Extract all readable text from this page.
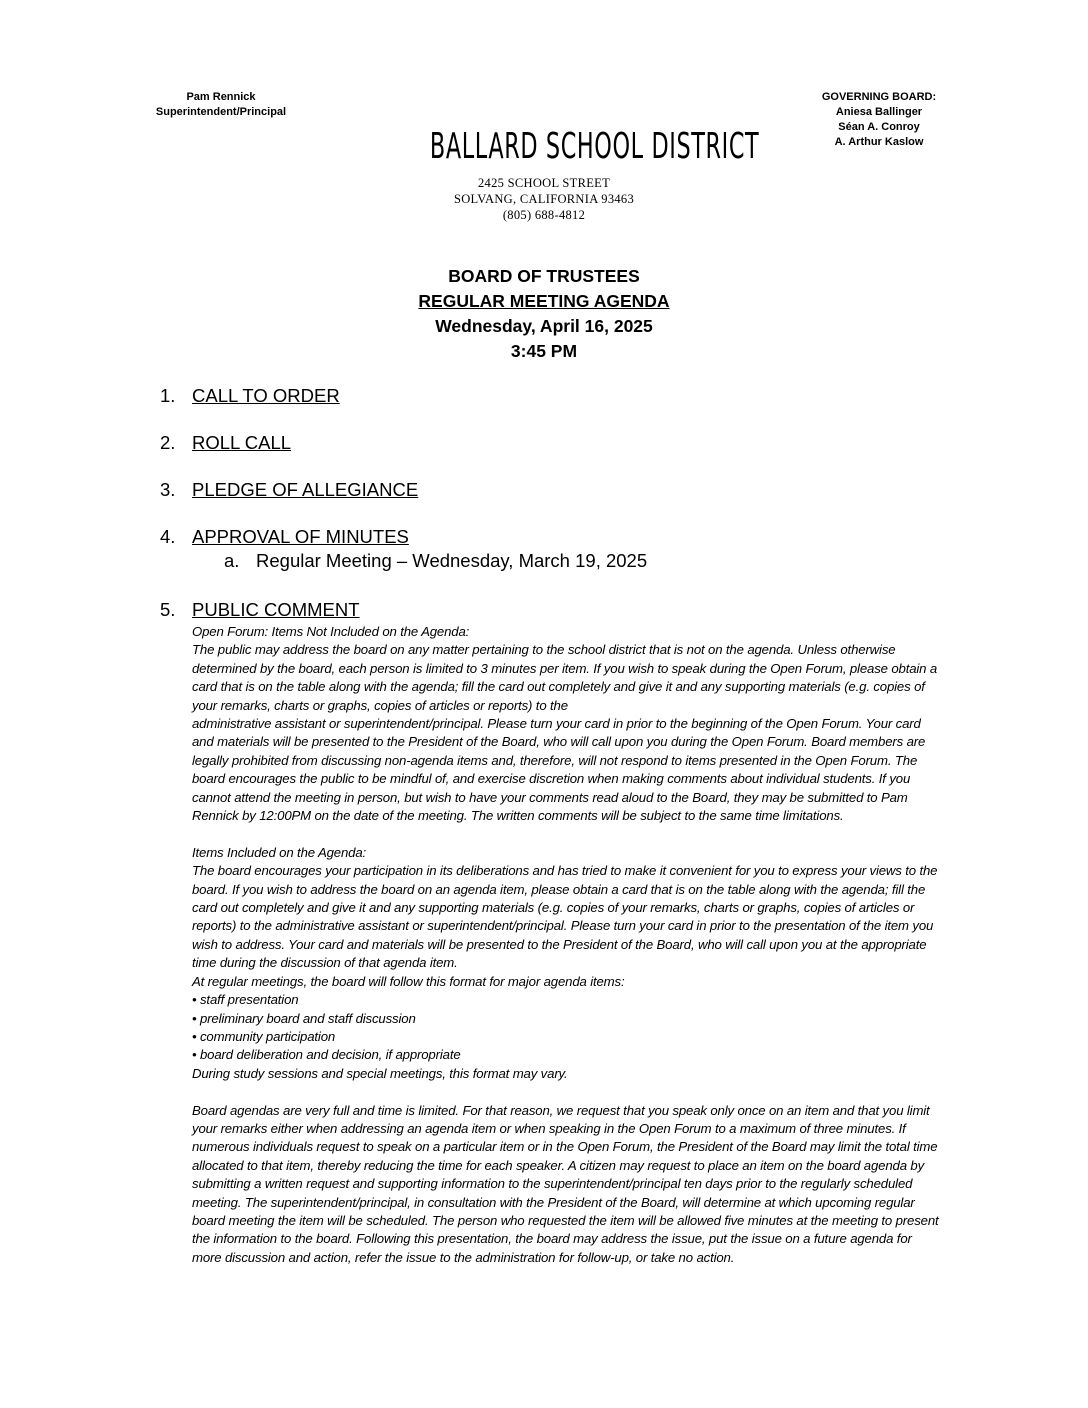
Pam Rennick
Superintendent/Principal
BALLARD SCHOOL DISTRICT
2425 SCHOOL STREET
SOLVANG, CALIFORNIA 93463
(805) 688-4812
GOVERNING BOARD:
Aniesa Ballinger
Séan A. Conroy
A. Arthur Kaslow
BOARD OF TRUSTEES
REGULAR MEETING AGENDA
Wednesday, April 16, 2025
3:45 PM
1. CALL TO ORDER
2. ROLL CALL
3. PLEDGE OF ALLEGIANCE
4. APPROVAL OF MINUTES
a. Regular Meeting – Wednesday, March 19, 2025
5. PUBLIC COMMENT

Open Forum: Items Not Included on the Agenda:

The public may address the board on any matter pertaining to the school district that is not on the agenda. Unless otherwise

determined by the board, each person is limited to 3 minutes per item. If you wish to speak during the Open Forum, please obtain a

card that is on the table along with the agenda; fill the card out completely and give it and any supporting materials (e.g. copies of

your remarks, charts or graphs, copies of articles or reports) to the

administrative assistant or superintendent/principal. Please turn your card in prior to the beginning of the Open Forum. Your card

and materials will be presented to the President of the Board, who will call upon you during the Open Forum. Board members are

legally prohibited from discussing non-agenda items and, therefore, will not respond to items presented in the Open Forum. The

board encourages the public to be mindful of, and exercise discretion when making comments about individual students. If you

cannot attend the meeting in person, but wish to have your comments read aloud to the Board, they may be submitted to Pam

Rennick by 12:00PM on the date of the meeting. The written comments will be subject to the same time limitations.

Items Included on the Agenda:

The board encourages your participation in its deliberations and has tried to make it convenient for you to express your views to the

board. If you wish to address the board on an agenda item, please obtain a card that is on the table along with the agenda; fill the

card out completely and give it and any supporting materials (e.g. copies of your remarks, charts or graphs, copies of articles or

reports) to the administrative assistant or superintendent/principal. Please turn your card in prior to the presentation of the item you

wish to address. Your card and materials will be presented to the President of the Board, who will call upon you at the appropriate

time during the discussion of that agenda item.

At regular meetings, the board will follow this format for major agenda items:

• staff presentation

• preliminary board and staff discussion

• community participation

• board deliberation and decision, if appropriate

During study sessions and special meetings, this format may vary.

Board agendas are very full and time is limited. For that reason, we request that you speak only once on an item and that you limit

your remarks either when addressing an agenda item or when speaking in the Open Forum to a maximum of three minutes. If

numerous individuals request to speak on a particular item or in the Open Forum, the President of the Board may limit the total time

allocated to that item, thereby reducing the time for each speaker. A citizen may request to place an item on the board agenda by

submitting a written request and supporting information to the superintendent/principal ten days prior to the regularly scheduled

meeting. The superintendent/principal, in consultation with the President of the Board, will determine at which upcoming regular

board meeting the item will be scheduled. The person who requested the item will be allowed five minutes at the meeting to present

the information to the board. Following this presentation, the board may address the issue, put the issue on a future agenda for

more discussion and action, refer the issue to the administration for follow-up, or take no action.
